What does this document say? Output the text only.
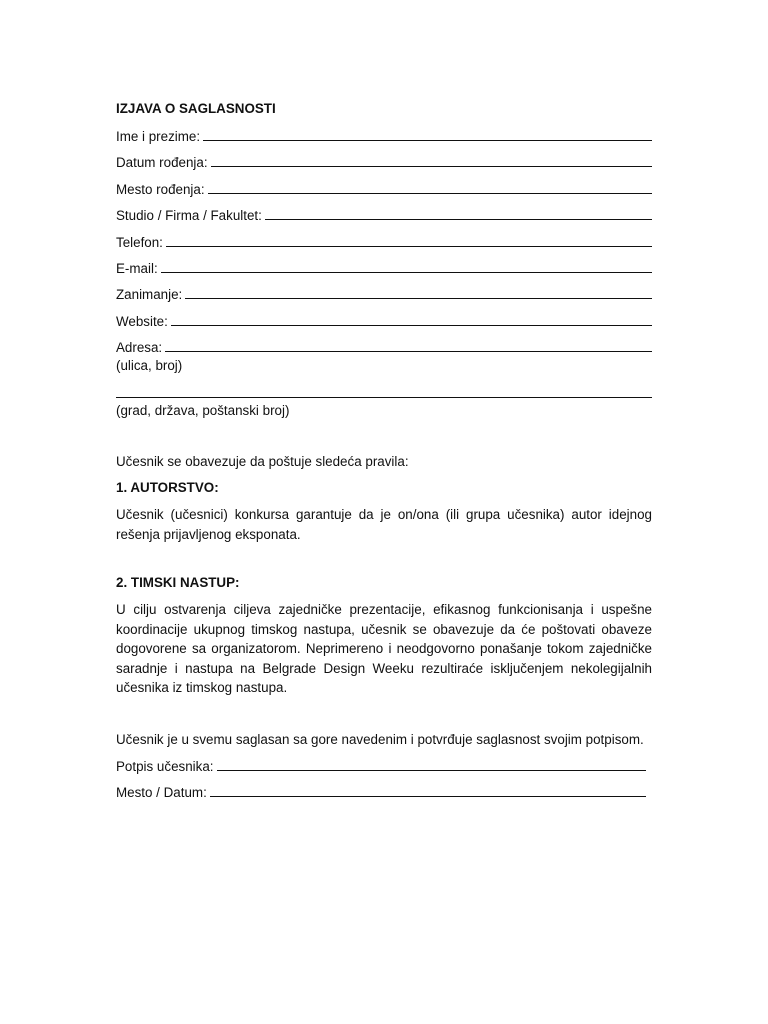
IZJAVA O SAGLASNOSTI
Ime i prezime:
Datum rođenja:
Mesto rođenja:
Studio / Firma / Fakultet:
Telefon:
E-mail:
Zanimanje:
Website:
Adresa:
(ulica, broj)
(grad, država, poštanski broj)

Učesnik se obavezuje da poštuje sledeća pravila:

1. AUTORSTVO:

Učesnik (učesnici) konkursa garantuje da je on/ona (ili grupa učesnika) autor idejnog rešenja prijavljenog eksponata.

2. TIMSKI NASTUP:

U cilju ostvarenja ciljeva zajedničke prezentacije, efikasnog funkcionisanja i uspešne koordinacije ukupnog timskog nastupa, učesnik se obavezuje da će poštovati obaveze dogovorene sa organizatorom. Neprimereno i neodgovorno ponašanje tokom zajedničke saradnje i nastupa na Belgrade Design Weeku rezultiraće isključenjem nekolegijalnih učesnika iz timskog nastupa.

Učesnik je u svemu saglasan sa gore navedenim i potvrđuje saglasnost svojim potpisom.

Potpis učesnika:
Mesto / Datum:
